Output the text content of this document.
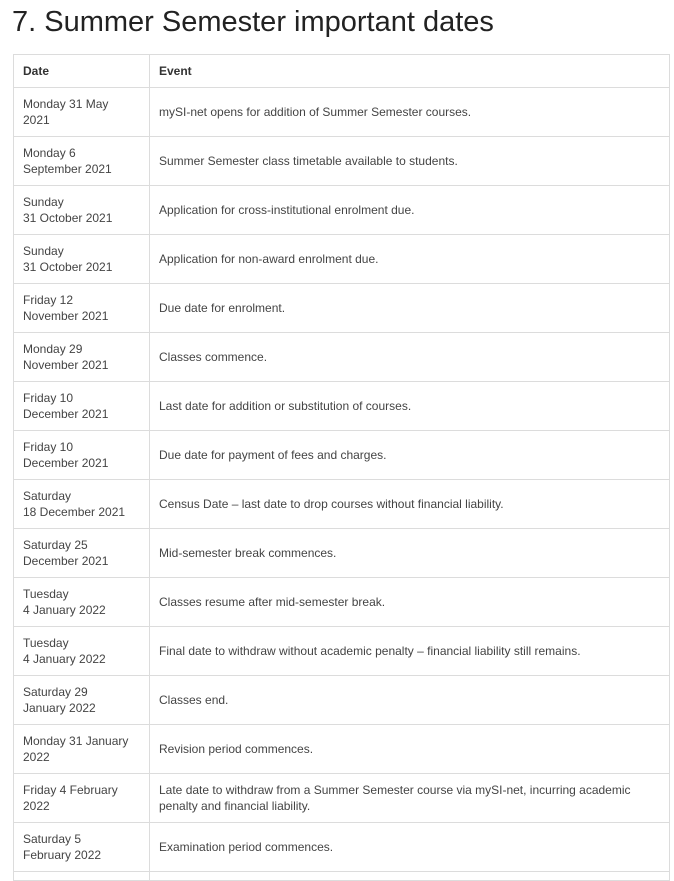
7. Summer Semester important dates
Date	Event
Monday 31 May
2021	mySI-net opens for addition of Summer Semester courses.
Monday 6
September 2021	Summer Semester class timetable available to students.
Sunday
31 October 2021	Application for cross-institutional enrolment due.
Sunday
31 October 2021	Application for non-award enrolment due.
Friday 12
November 2021	Due date for enrolment.
Monday 29
November 2021	Classes commence.
Friday 10
December 2021	Last date for addition or substitution of courses.
Friday 10
December 2021	Due date for payment of fees and charges.
Saturday
18 December 2021	Census Date – last date to drop courses without financial liability.
Saturday 25
December 2021	Mid-semester break commences.
Tuesday
4 January 2022	Classes resume after mid-semester break.
Tuesday
4 January 2022	Final date to withdraw without academic penalty – financial liability still remains.
Saturday 29
January 2022	Classes end.
Monday 31 January
2022	Revision period commences.
Friday 4 February
2022	Late date to withdraw from a Summer Semester course via mySI-net, incurring academic penalty and financial liability.
Saturday 5
February 2022	Examination period commences.
